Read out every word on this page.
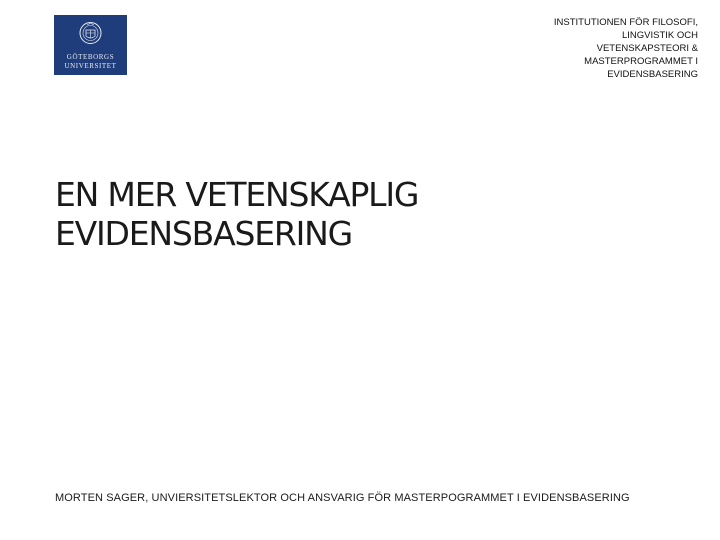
GÖTEBORGS
UNIVERSITET
INSTITUTIONEN FÖR FILOSOFI,
LINGVISTIK OCH
VETENSKAPSTEORI &
MASTERPROGRAMMET I
EVIDENSBASERING
EN MER VETENSKAPLIG
EVIDENSBASERING
MORTEN SAGER, UNVIERSITETSLEKTOR OCH ANSVARIG FÖR MASTERPOGRAMMET I EVIDENSBASERING
